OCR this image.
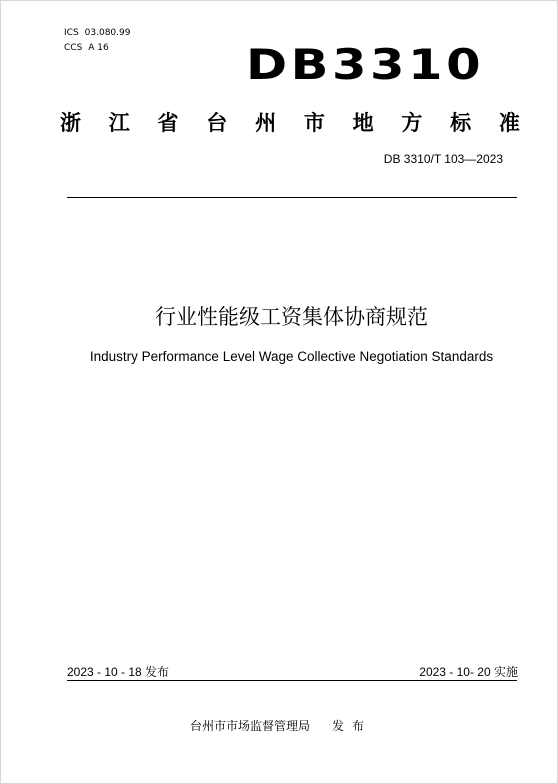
ICS 03.080.99
CCS A 16	DB3310
浙 江 省 台 州 市 地 方 标 准
DB 3310/T 103—2023
行业性能级工资集体协商规范
Industry Performance Level Wage Collective Negotiation Standards
2023 - 10 - 18 发布	2023 - 10- 20 实施
台州市市场监督管理局 发布
